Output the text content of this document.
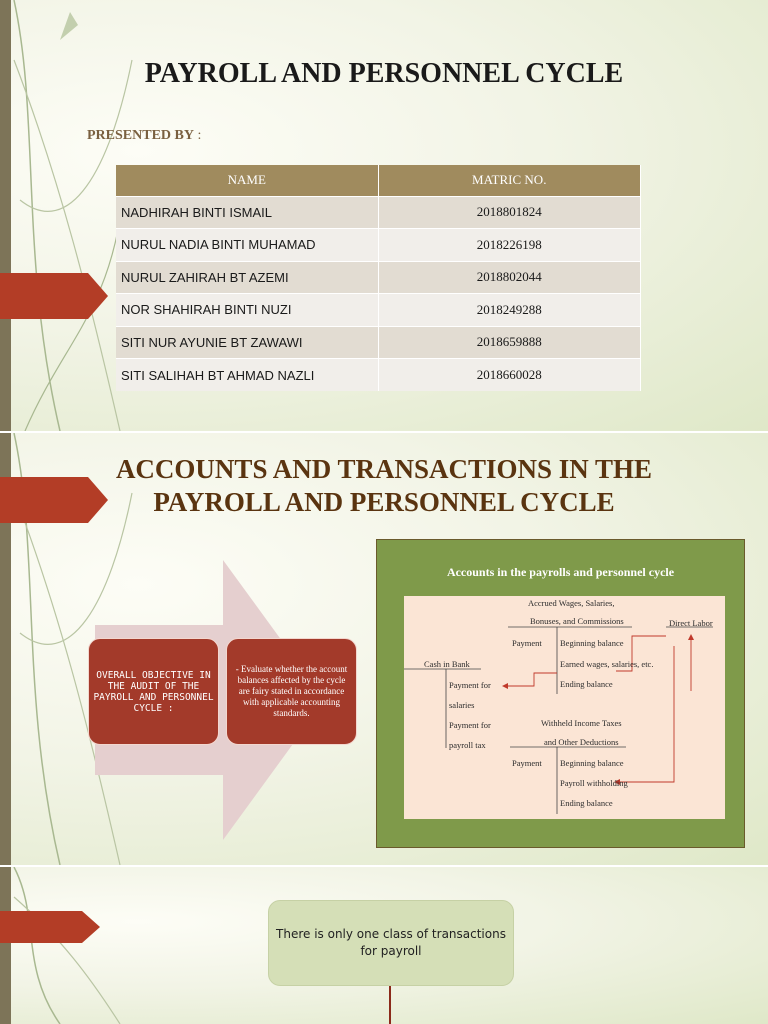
PAYROLL AND PERSONNEL CYCLE
PRESENTED BY :
NAME	MATRIC NO.
NADHIRAH BINTI ISMAIL	2018801824
NURUL NADIA BINTI MUHAMAD	2018226198
NURUL ZAHIRAH BT AZEMI	2018802044
NOR SHAHIRAH BINTI NUZI	2018249288
SITI NUR AYUNIE BT ZAWAWI	2018659888
SITI SALIHAH BT AHMAD NAZLI	2018660028
ACCOUNTS AND TRANSACTIONS IN THE
PAYROLL AND PERSONNEL CYCLE
OVERALL OBJECTIVE IN THE AUDIT OF THE PAYROLL AND PERSONNEL CYCLE :
- Evaluate whether the account balances affected by the cycle are fairy stated in accordance with applicable accounting standards.
Accounts in the payrolls and personnel cycle
Accrued Wages, Salaries,
Bonuses, and Commissions	Direct Labor
Payment Beginning balance
Earned wages, salaries, etc.
Ending balance
Cash in Bank
Payment for
salaries
Payment for
payroll tax
Withheld Income Taxes
and Other Deductions
Payment Beginning balance
Payroll withholding
Ending balance
There is only one class of transactions for payroll
